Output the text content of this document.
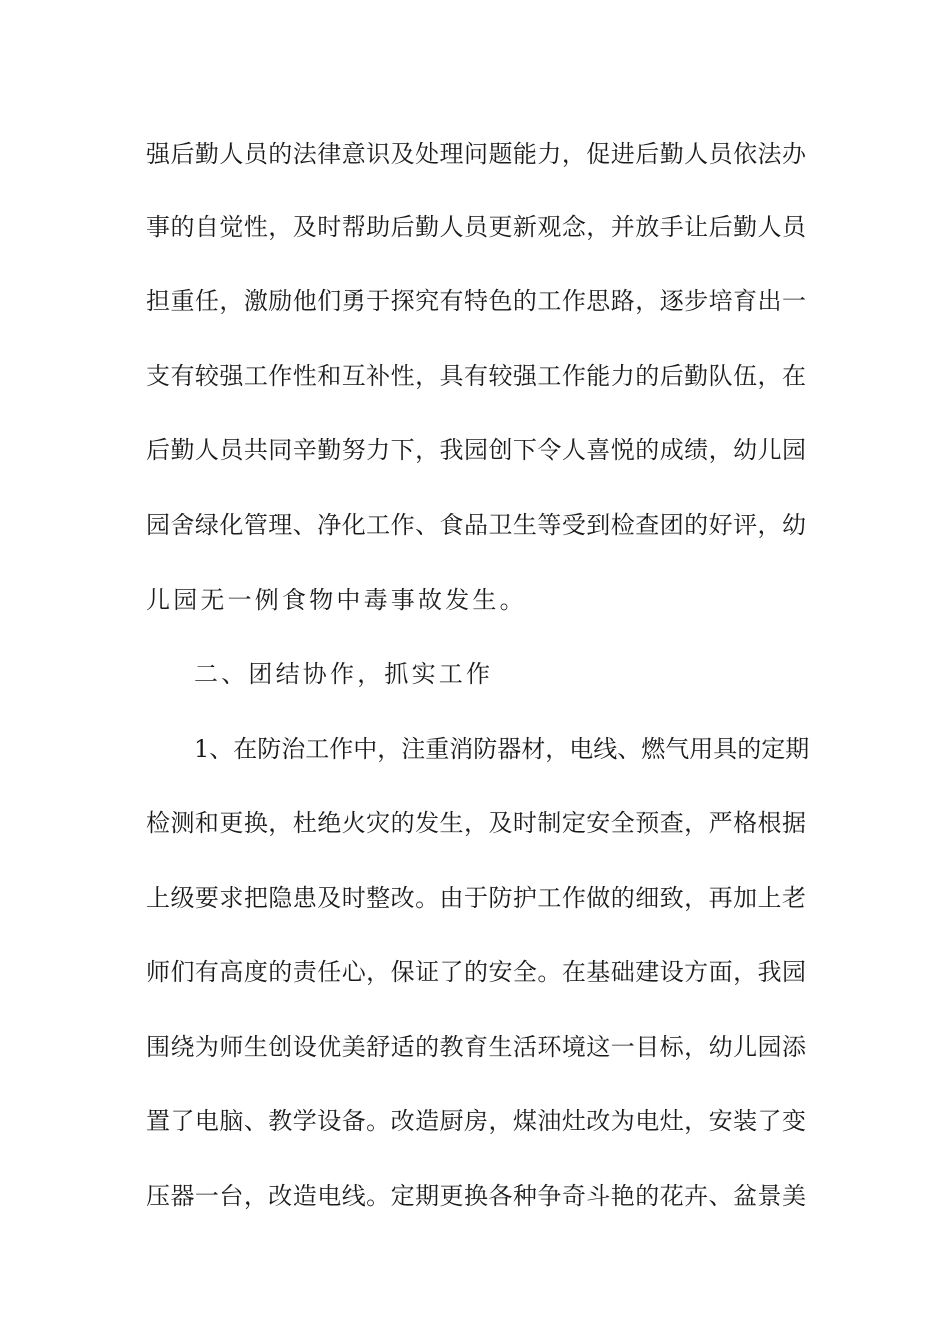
强后勤人员的法律意识及处理问题能力，促进后勤人员依法办
事的自觉性，及时帮助后勤人员更新观念，并放手让后勤人员
担重任，激励他们勇于探究有特色的工作思路，逐步培育出一
支有较强工作性和互补性，具有较强工作能力的后勤队伍，在
后勤人员共同辛勤努力下，我园创下令人喜悦的成绩，幼儿园
园舍绿化管理、净化工作、食品卫生等受到检查团的好评，幼
儿园无一例食物中毒事故发生。
二、团结协作，抓实工作
1、在防治工作中，注重消防器材，电线、燃气用具的定期
检测和更换，杜绝火灾的发生，及时制定安全预查，严格根据
上级要求把隐患及时整改。由于防护工作做的细致，再加上老
师们有高度的责任心，保证了的安全。在基础建设方面，我园
围绕为师生创设优美舒适的教育生活环境这一目标，幼儿园添
置了电脑、教学设备。改造厨房，煤油灶改为电灶，安装了变
压器一台，改造电线。定期更换各种争奇斗艳的花卉、盆景美
